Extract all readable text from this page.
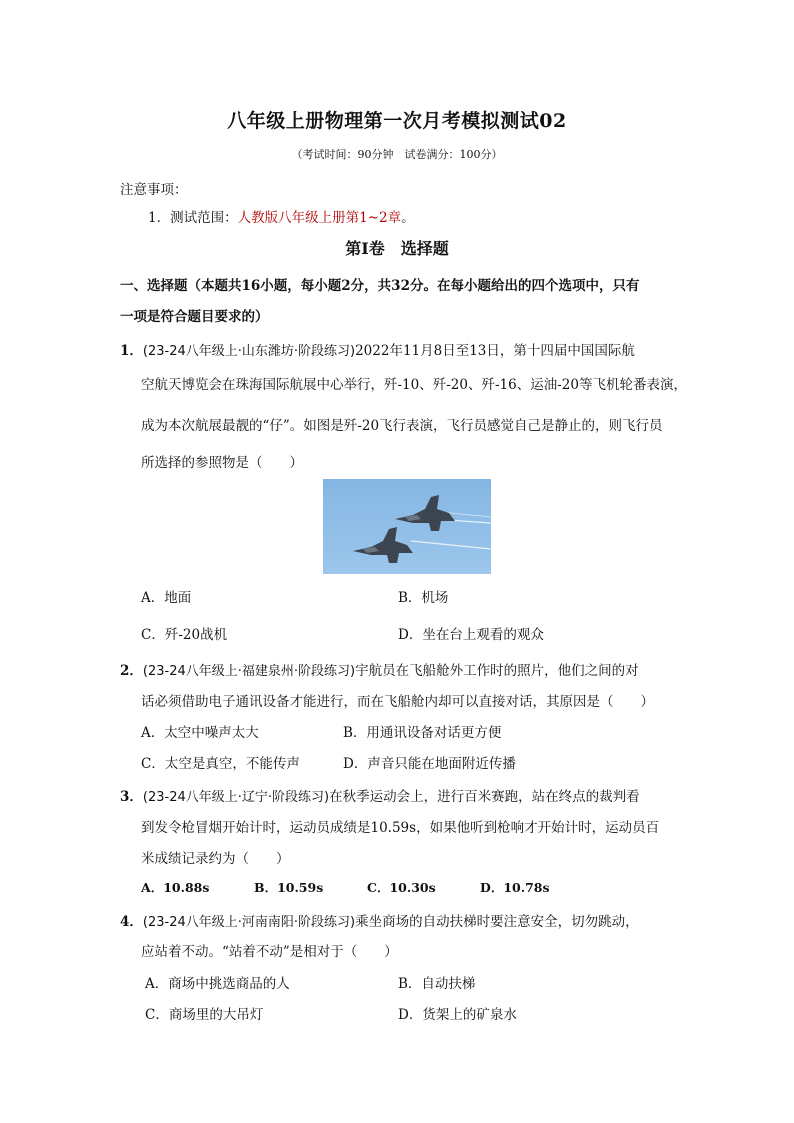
八年级上册物理第一次月考模拟测试02
（考试时间：90分钟　试卷满分：100分）
注意事项：
1．测试范围：人教版八年级上册第1~2章。
第Ⅰ卷　选择题
一、选择题（本题共16小题，每小题2分，共32分。在每小题给出的四个选项中，只有
一项是符合题目要求的）
1．(23-24八年级上·山东潍坊·阶段练习)2022年11月8日至13日，第十四届中国国际航
空航天博览会在珠海国际航展中心举行，歼-10、歼-20、歼-16、运油-20等飞机轮番表演，
成为本次航展最靓的“仔”。如图是歼-20飞行表演，飞行员感觉自己是静止的，则飞行员
所选择的参照物是（　　）
A．地面	B．机场
C．歼-20战机	D．坐在台上观看的观众
2．(23-24八年级上·福建泉州·阶段练习)宇航员在飞船舱外工作时的照片，他们之间的对
话必须借助电子通讯设备才能进行，而在飞船舱内却可以直接对话，其原因是（　　）
A．太空中噪声太大	B．用通讯设备对话更方便
C．太空是真空，不能传声	D．声音只能在地面附近传播
3．(23-24八年级上·辽宁·阶段练习)在秋季运动会上，进行百米赛跑，站在终点的裁判看
到发令枪冒烟开始计时，运动员成绩是10.59s，如果他听到枪响才开始计时，运动员百
米成绩记录约为（　　）
A．10.88s	B．10.59s	C．10.30s	D．10.78s
4．(23-24八年级上·河南南阳·阶段练习)乘坐商场的自动扶梯时要注意安全，切勿跳动，
应站着不动。“站着不动”是相对于（　　）
A．商场中挑选商品的人	B．自动扶梯
C．商场里的大吊灯	D．货架上的矿泉水
